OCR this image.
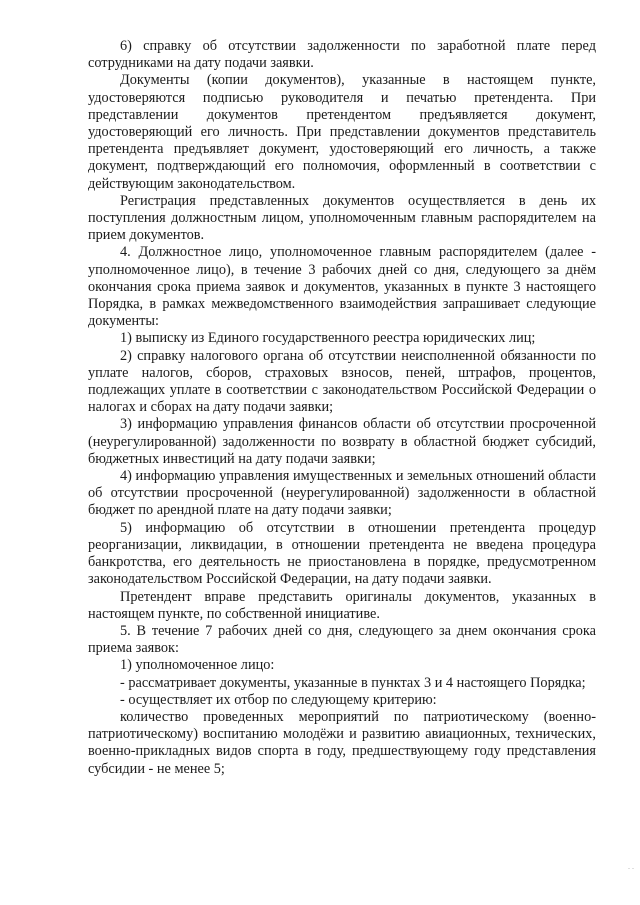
6) справку об отсутствии задолженности по заработной плате перед сотрудниками на дату подачи заявки.

Документы (копии документов), указанные в настоящем пункте, удостоверяются подписью руководителя и печатью претендента. При представлении документов претендентом предъявляется документ, удостоверяющий его личность. При представлении документов представитель претендента предъявляет документ, удостоверяющий его личность, а также документ, подтверждающий его полномочия, оформленный в соответствии с действующим законодательством.

Регистрация представленных документов осуществляется в день их поступления должностным лицом, уполномоченным главным распорядителем на прием документов.

4. Должностное лицо, уполномоченное главным распорядителем (далее - уполномоченное лицо), в течение 3 рабочих дней со дня, следующего за днём окончания срока приема заявок и документов, указанных в пункте 3 настоящего Порядка, в рамках межведомственного взаимодействия запрашивает следующие документы:

1) выписку из Единого государственного реестра юридических лиц;

2) справку налогового органа об отсутствии неисполненной обязанности по уплате налогов, сборов, страховых взносов, пеней, штрафов, процентов, подлежащих уплате в соответствии с законодательством Российской Федерации о налогах и сборах на дату подачи заявки;

3) информацию управления финансов области об отсутствии просроченной (неурегулированной) задолженности по возврату в областной бюджет субсидий, бюджетных инвестиций на дату подачи заявки;

4) информацию управления имущественных и земельных отношений области об отсутствии просроченной (неурегулированной) задолженности в областной бюджет по арендной плате на дату подачи заявки;

5) информацию об отсутствии в отношении претендента процедур реорганизации, ликвидации, в отношении претендента не введена процедура банкротства, его деятельность не приостановлена в порядке, предусмотренном законодательством Российской Федерации, на дату подачи заявки.

Претендент вправе представить оригиналы документов, указанных в настоящем пункте, по собственной инициативе.

5. В течение 7 рабочих дней со дня, следующего за днем окончания срока приема заявок:

1) уполномоченное лицо:

- рассматривает документы, указанные в пунктах 3 и 4 настоящего Порядка;

- осуществляет их отбор по следующему критерию:

количество проведенных мероприятий по патриотическому (военно-патриотическому) воспитанию молодёжи и развитию авиационных, технических, военно-прикладных видов спорта в году, предшествующему году представления субсидии - не менее 5;

. .
